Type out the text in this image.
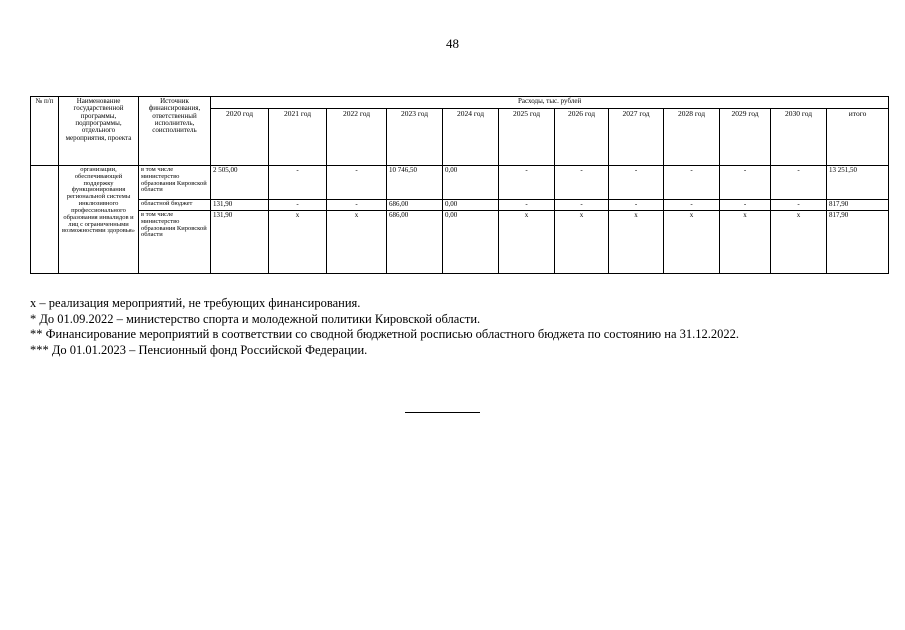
48
№ п/п	Наименование государственной программы, подпрограммы, отдельного мероприятия, проекта	Источник финансирования, ответственный исполнитель, соисполнитель	Расходы, тыс. рублей											
			2020 год	2021 год	2022 год	2023 год	2024 год	2025 год	2026 год	2027 год	2028 год	2029 год	2030 год	итого
	организации, обеспечивающей поддержку функционирования региональной системы инклюзивного профессионального образования инвалидов и лиц с ограниченными возможностями здоровья»	в том числе министерство образования Кировской области	2 505,00	-	-	10 746,50	0,00	-	-	-	-	-	-	13 251,50
		областной бюджет	131,90	-	-	686,00	0,00	-	-	-	-	-	-	817,90
		в том числе министерство образования Кировской области	131,90	x	x	686,00	0,00	x	x	x	x	x	x	817,90
х – реализация мероприятий, не требующих финансирования.
* До 01.09.2022 – министерство спорта и молодежной политики Кировской области.
** Финансирование мероприятий в соответствии со сводной бюджетной росписью областного бюджета по состоянию на 31.12.2022.
*** До 01.01.2023 – Пенсионный фонд Российской Федерации.
